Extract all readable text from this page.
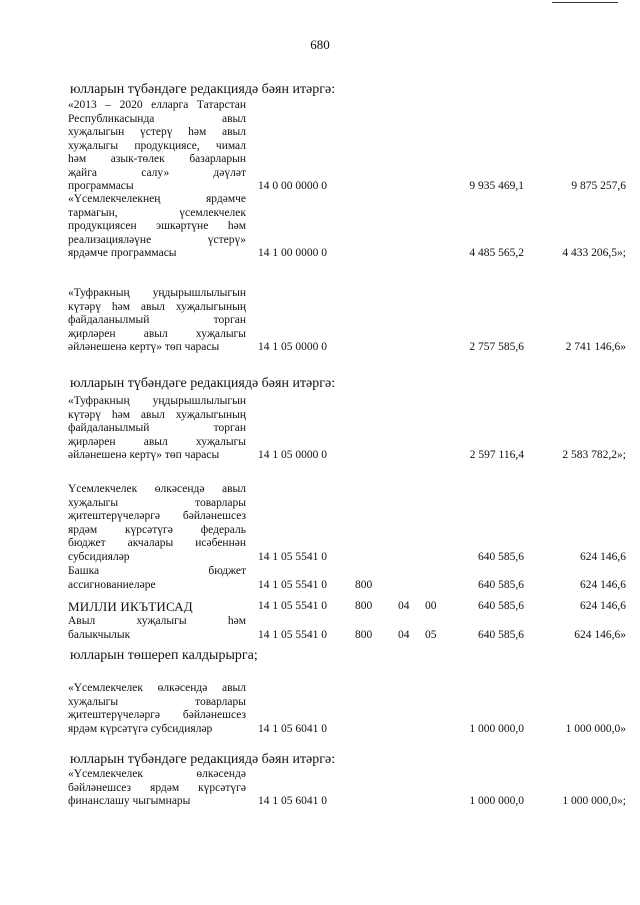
680
юлларын түбәндәге редакциядә бәян итәргә:
юлларын түбәндәге редакциядә бәян итәргә:
юлларын төшереп калдырырга;
юлларын түбәндәге редакциядә бәян итәргә:
«2013 – 2020 елларга Татарстан
Республикасында авыл
хуҗалыгын үстерү һәм авыл
хуҗалыгы продукциясе, чимал
һәм азык-төлек базарларын
җайга салу» дәүләт
программасы	14 0 00 0000 0	9 935 469,1	9 875 257,6
«Үсемлекчелекнең ярдәмче
тармагын, үсемлекчелек
продукциясен эшкәртүне һәм
реализацияләүне үстерү»
ярдәмче программасы	14 1 00 0000 0	4 485 565,2	4 433 206,5»;
«Туфракның уңдырышлылыгын
күтәрү һәм авыл хуҗалыгының
файдаланылмый торган
җирләрен авыл хуҗалыгы
әйләнешенә кертү» төп чарасы	14 1 05 0000 0	2 757 585,6	2 741 146,6»
«Туфракның уңдырышлылыгын
күтәрү һәм авыл хуҗалыгының
файдаланылмый торган
җирләрен авыл хуҗалыгы
әйләнешенә кертү» төп чарасы	14 1 05 0000 0	2 597 116,4	2 583 782,2»;
Үсемлекчелек өлкәсендә авыл
хуҗалыгы товарлары
җитештерүчеләргә бәйләнешсез
ярдәм күрсәтүгә федераль
бюджет акчалары исәбеннән
субсидияләр	14 1 05 5541 0	640 585,6	624 146,6
Башка бюджет
ассигнованиеләре	14 1 05 5541 0 800	640 585,6	624 146,6
МИЛЛИ ИКЪТИСАД	14 1 05 5541 0 800 04 00	640 585,6	624 146,6
Авыл хуҗалыгы һәм
балыкчылык	14 1 05 5541 0 800 04 05	640 585,6	624 146,6»
«Үсемлекчелек өлкәсендә авыл
хуҗалыгы товарлары
җитештерүчеләргә бәйләнешсез
ярдәм күрсәтүгә субсидияләр	14 1 05 6041 0	1 000 000,0	1 000 000,0»
«Үсемлекчелек өлкәсендә
бәйләнешсез ярдәм күрсәтүгә
финанслашу чыгымнары	14 1 05 6041 0	1 000 000,0	1 000 000,0»;
